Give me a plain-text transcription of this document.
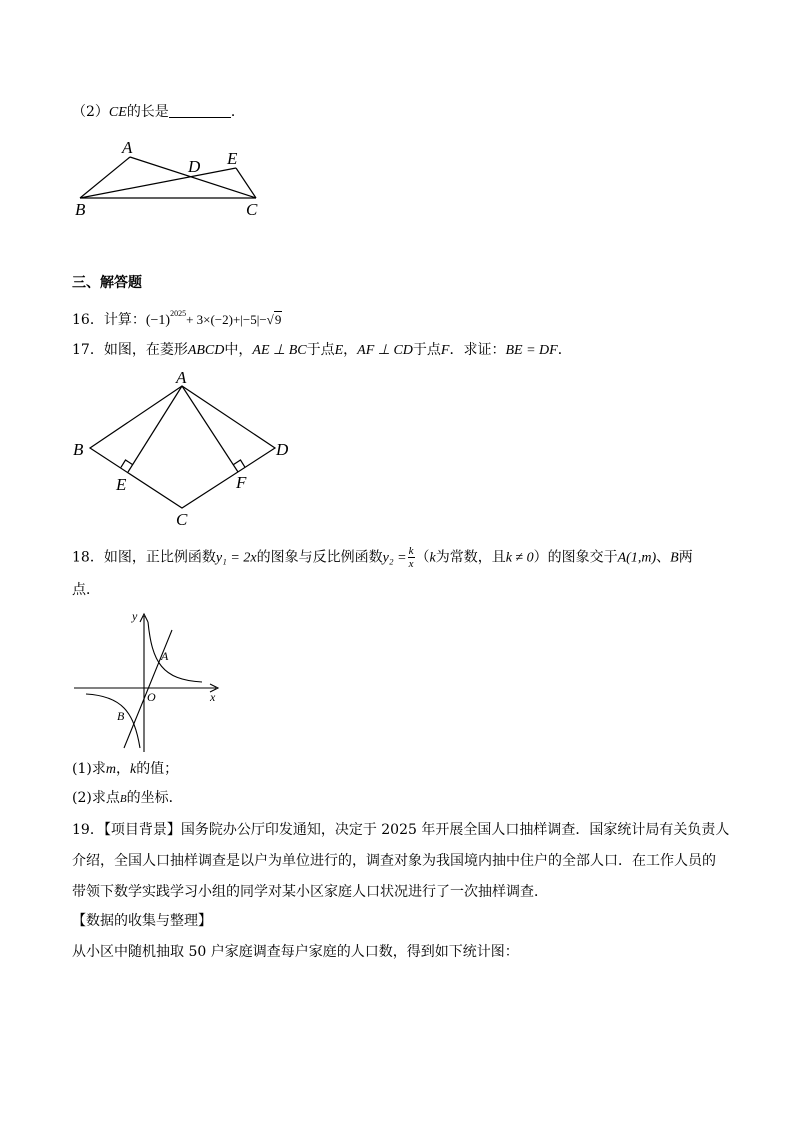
（2）CE的长是	．
A
B	C
D E
三、解答题
16．计算：$(-1)^{2025}+ 3\times(-2)+|-5|-√9$
17．如图，在菱形ABCD中，AE ⊥ BC于点E，AF ⊥ CD于点F．求证：BE = DF．
A
B
C
D
E	F
18．如图，正比例函数y₁ = 2x的图象与反比例函数$y_2 = \frac{k}{x} (k$为常数，且k ≠ 0）的图象交于A(1,m)、B两
点．
y
x
O
A
B
(1)求m，k的值；
(2)求点B的坐标．
19．【项目背景】国务院办公厅印发通知，决定于 2025 年开展全国人口抽样调查．国家统计局有关负责人
介绍，全国人口抽样调查是以户为单位进行的，调查对象为我国境内抽中住户的全部人口．在工作人员的
带领下数学实践学习小组的同学对某小区家庭人口状况进行了一次抽样调查．
【数据的收集与整理】
从小区中随机抽取 50 户家庭调查每户家庭的人口数，得到如下统计图：
